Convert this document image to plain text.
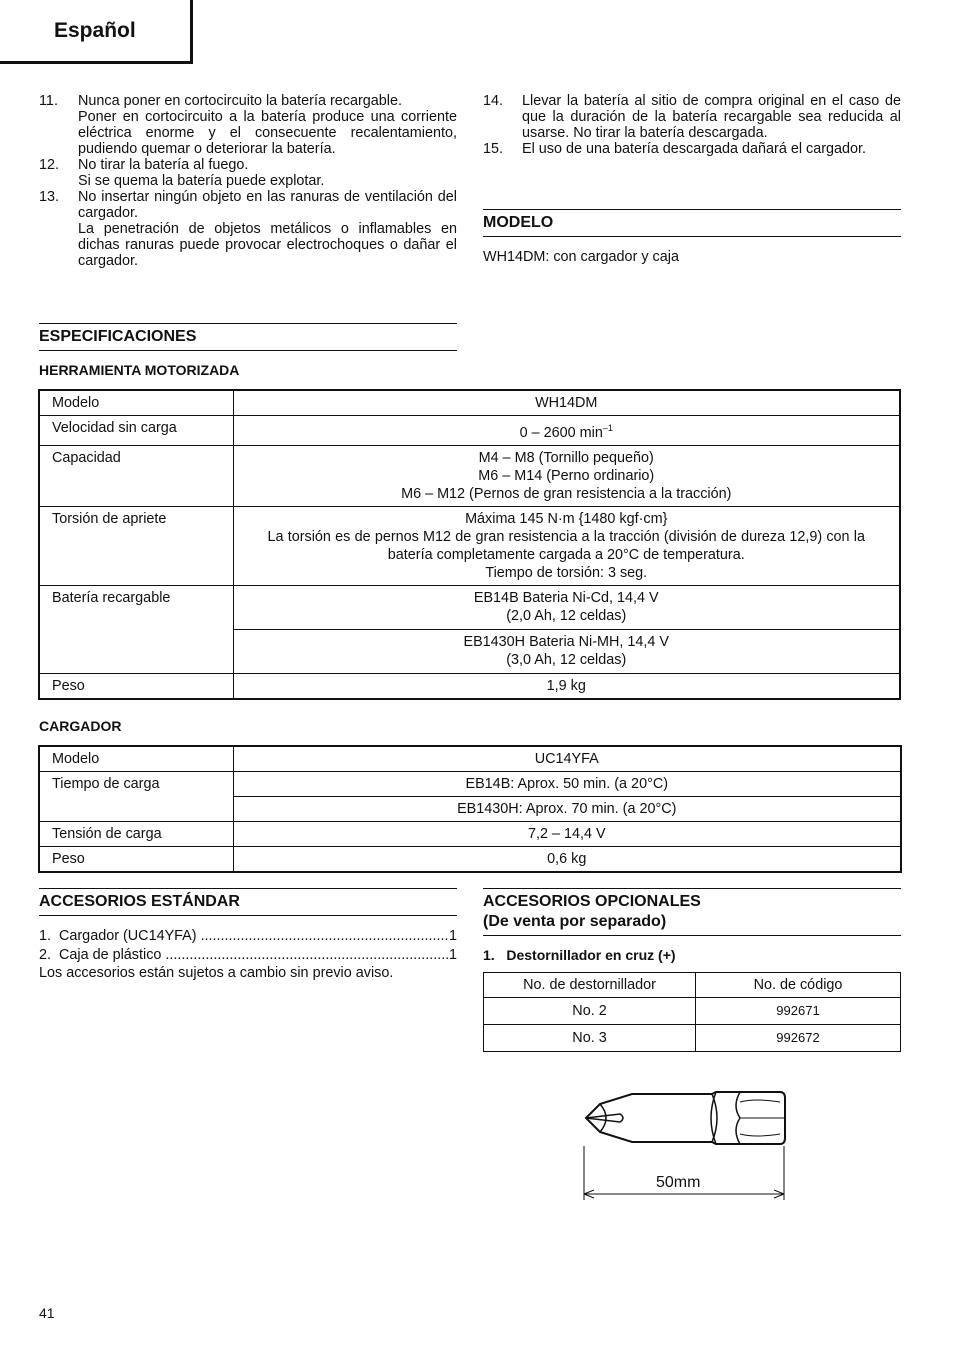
Español
11. Nunca poner en cortocircuito la batería recargable.

Poner en cortocircuito a la batería produce una corriente eléctrica enorme y el consecuente recalentamiento, pudiendo quemar o deteriorar la batería.

12. No tirar la batería al fuego.

Si se quema la batería puede explotar.

13. No insertar ningún objeto en las ranuras de ventilación del cargador.

La penetración de objetos metálicos o inflamables en dichas ranuras puede provocar electrochoques o dañar el cargador.

14. Llevar la batería al sitio de compra original en el caso de que la duración de la batería recargable sea reducida al usarse. No tirar la batería descargada.

15. El uso de una batería descargada dañará el cargador.

MODELO
WH14DM: con cargador y caja
ESPECIFICACIONES
HERRAMIENTA MOTORIZADA
Modelo	WH14DM
Velocidad sin carga	0 – 2600 $\min^{-1}$
Capacidad	M4 – M8 (Tornillo pequeño)
M6 – M14 (Perno ordinario)
M6 – M12 (Pernos de gran resistencia a la tracción)

Torsión de apriete	Máxima 145 N·m {1480 kgf·cm}
La torsión es de pernos M12 de gran resistencia a la tracción (división de dureza 12,9) con la batería completamente cargada a 20°C de temperatura.
Tiempo de torsión: 3 seg.

Batería recargable	EB14B Bateria Ni-Cd, 14,4 V
(2,0 Ah, 12 celdas)

	EB1430H Bateria Ni-MH, 14,4 V
(3,0 Ah, 12 celdas)

Peso	1,9 kg
CARGADOR
Modelo	UC14YFA
Tiempo de carga	EB14B: Aprox. 50 min. (a 20°C)
	EB1430H: Aprox. 70 min. (a 20°C)
Tensión de carga	7,2 – 14,4 V
Peso	0,6 kg
ACCESORIOS ESTÁNDAR
1.  Cargador (UC14YFA) .....	1
2.  Caja de plástico .....	1
Los accesorios están sujetos a cambio sin previo aviso.
ACCESORIOS OPCIONALES
(De venta por separado)
1.   Destornillador en cruz (+)
No. de destornillador	No. de código
No. 2	992671
No. 3	992672
50mm
41
